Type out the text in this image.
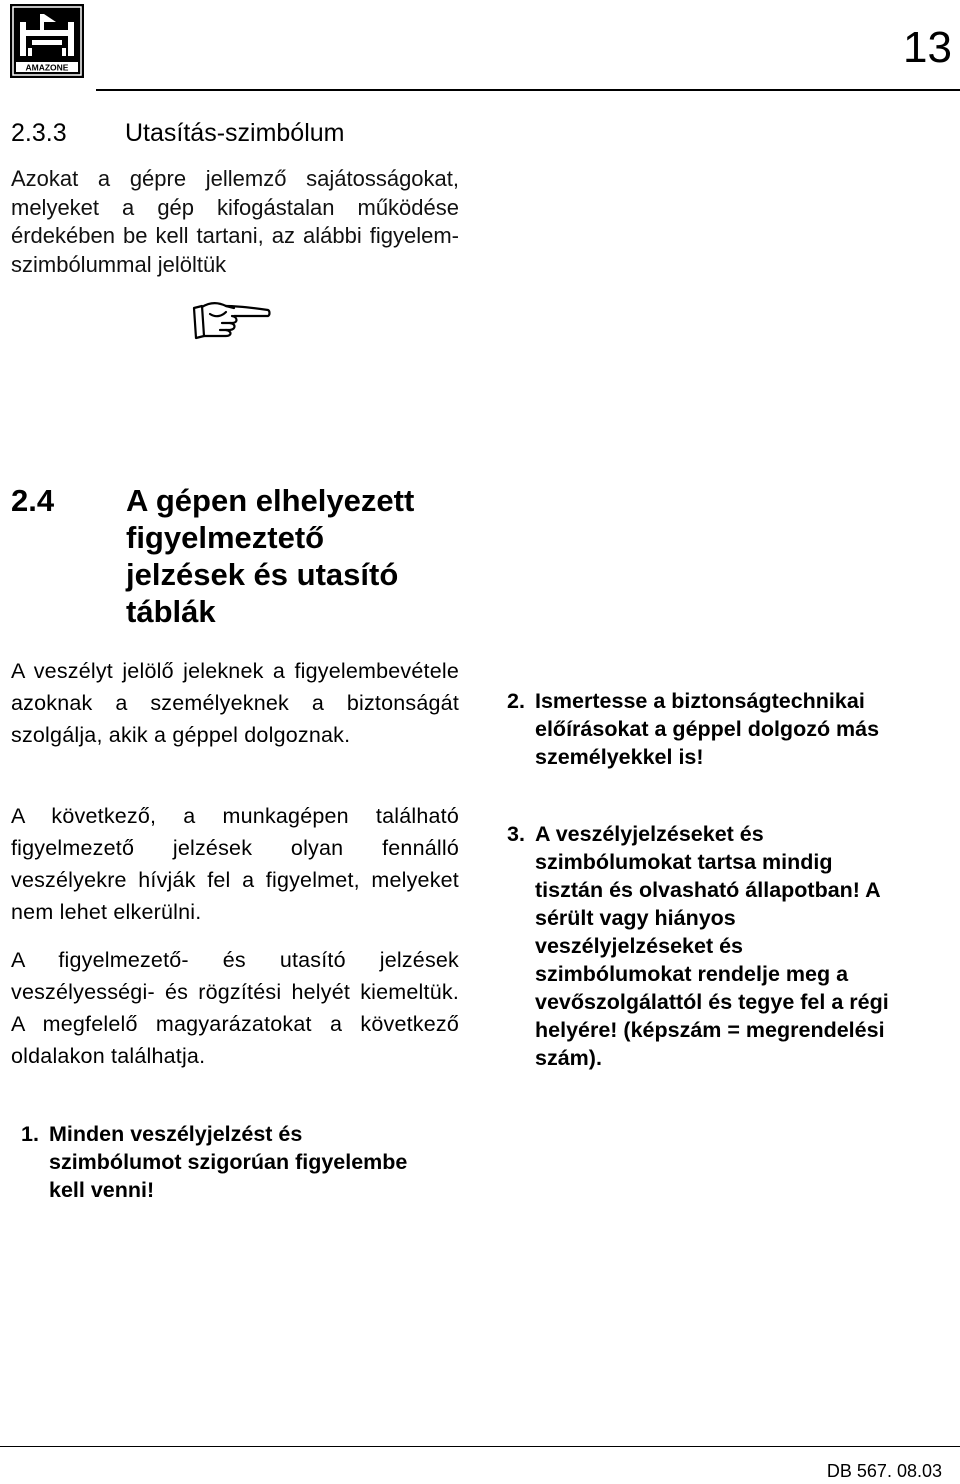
AMAZONE	13
2.3.3 Utasítás-szimbólum
Azokat a gépre jellemző sajátosságokat, melyeket a gép kifogástalan működése érdekében be kell tartani, az alábbi figyelem-szimbólummal jelöltük
2.4 A gépen elhelyezett
figyelmeztető
jelzések és utasító
táblák
A veszélyt jelölő jeleknek a figyelembevétele azoknak a személyeknek a biztonságát szolgálja, akik a géppel dolgoznak.
A következő, a munkagépen található figyelmezető jelzések olyan fennálló veszélyekre hívják fel a figyelmet, melyeket nem lehet elkerülni.
A figyelmezető- és utasító jelzések veszélyességi- és rögzítési helyét kiemeltük. A megfelelő magyarázatokat a következő oldalakon találhatja.
1. Minden veszélyjelzést és
szimbólumot szigorúan figyelembe
kell venni!
2. Ismertesse a biztonságtechnikai
előírásokat a géppel dolgozó más
személyekkel is!
3. A veszélyjelzéseket és
szimbólumokat tartsa mindig
tisztán és olvasható állapotban! A
sérült vagy hiányos
veszélyjelzéseket és
szimbólumokat rendelje meg a
vevőszolgálattól és tegye fel a régi
helyére! (képszám = megrendelési
szám).
DB 567. 08.03
